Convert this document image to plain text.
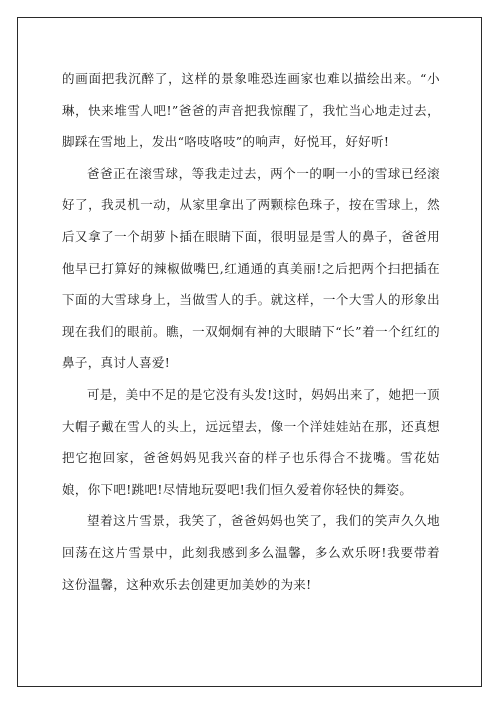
的画面把我沉醉了，这样的景象唯恐连画家也难以描绘出来。“小琳，快来堆雪人吧!”爸爸的声音把我惊醒了，我忙当心地走过去，脚踩在雪地上，发出“咯吱咯吱”的响声，好悦耳，好好听!

爸爸正在滚雪球，等我走过去，两个一的啊一小的雪球已经滚好了，我灵机一动，从家里拿出了两颗棕色珠子，按在雪球上，然后又拿了一个胡萝卜插在眼睛下面，很明显是雪人的鼻子，爸爸用他早已打算好的辣椒做嘴巴,红通通的真美丽!之后把两个扫把插在下面的大雪球身上，当做雪人的手。就这样，一个大雪人的形象出现在我们的眼前。瞧，一双炯炯有神的大眼睛下“长”着一个红红的鼻子，真讨人喜爱!

可是，美中不足的是它没有头发!这时，妈妈出来了，她把一顶大帽子戴在雪人的头上，远远望去，像一个洋娃娃站在那，还真想把它抱回家，爸爸妈妈见我兴奋的样子也乐得合不拢嘴。雪花姑娘，你下吧!跳吧!尽情地玩耍吧!我们恒久爱着你轻快的舞姿。

望着这片雪景，我笑了，爸爸妈妈也笑了，我们的笑声久久地回荡在这片雪景中，此刻我感到多么温馨，多么欢乐呀!我要带着这份温馨，这种欢乐去创建更加美妙的为来!
